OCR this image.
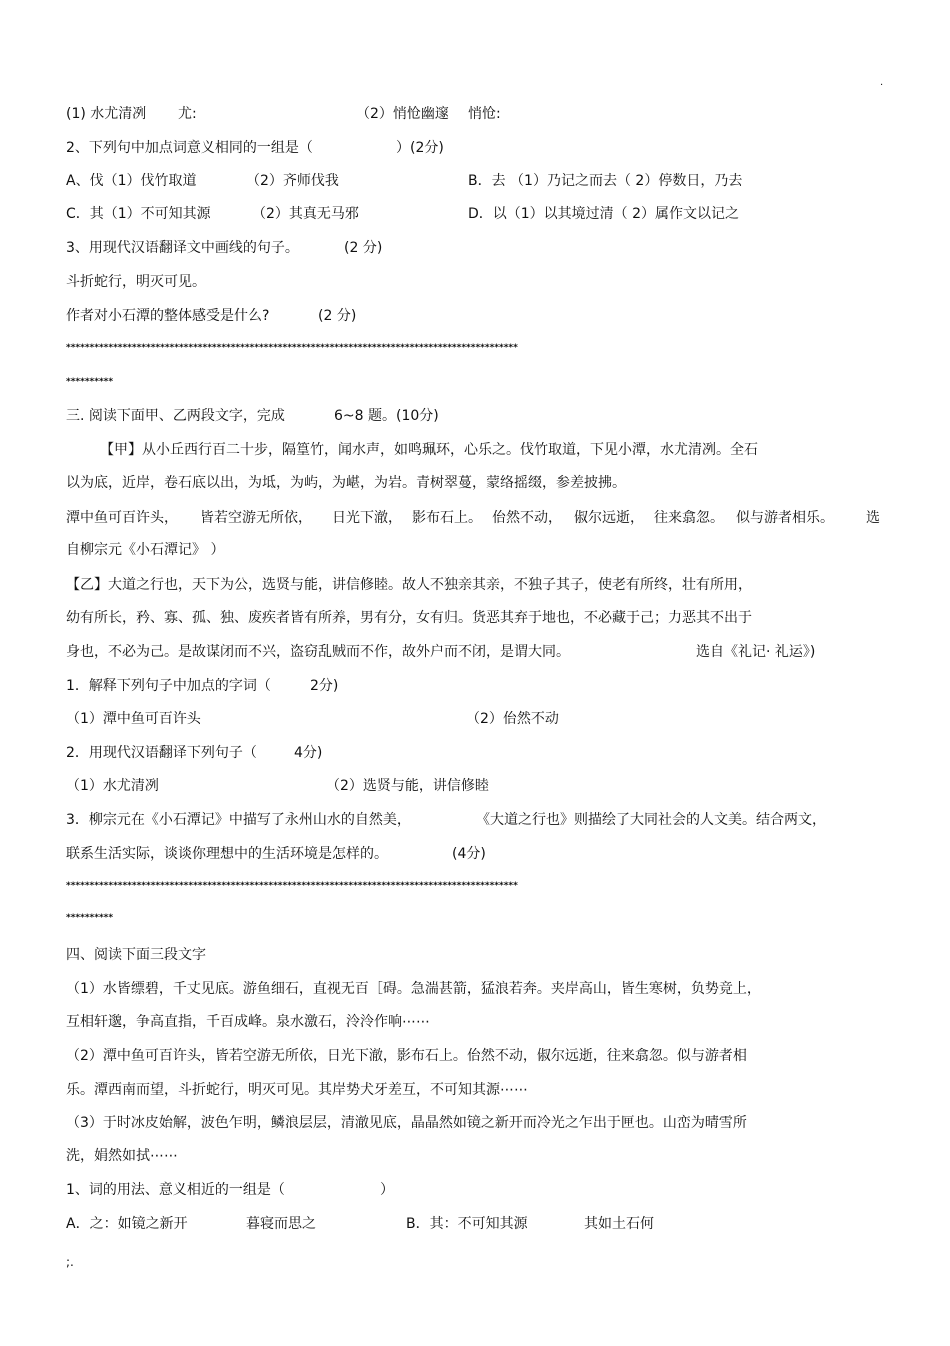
·
(1) 水尤清冽 尤:	（2）悄怆幽邃 悄怆:
2、下列句中加点词意义相同的一组是（	）(2分)
A、伐（1）伐竹取道	（2）齐师伐我	B．去 （1）乃记之而去（ 2）停数日，乃去
C．其（1）不可知其源	（2）其真无马邪	D．以（1）以其境过清（ 2）属作文以记之
3、用现代汉语翻译文中画线的句子。	(2 分)
斗折蛇行，明灭可见。
作者对小石潭的整体感受是什么?	(2 分)
************************************************************************************************
**********
三. 阅读下面甲、乙两段文字，完成	6~8 题。(10分)
【甲】从小丘西行百二十步，隔篁竹，闻水声，如鸣珮环，心乐之。伐竹取道，下见小潭，水尤清冽。全石
以为底，近岸，卷石底以出，为坻，为屿，为嵁，为岩。青树翠蔓，蒙络摇缀，参差披拂。
潭中鱼可百许头， 皆若空游无所依， 日光下澈， 影布石上。 佁然不动， 俶尔远逝， 往来翕忽。 似与游者相乐。 选
自柳宗元《小石潭记》 ）
【乙】大道之行也，天下为公，选贤与能，讲信修睦。故人不独亲其亲，不独子其子，使老有所终，壮有所用，
幼有所长，矜、寡、孤、独、废疾者皆有所养，男有分，女有归。货恶其弃于地也，不必藏于己；力恶其不出于
身也，不必为己。是故谋闭而不兴，盗窃乱贼而不作，故外户而不闭，是谓大同。	选自《礼记· 礼运》)
1．解释下列句子中加点的字词（	2分)
（1）潭中鱼可百许头	（2）佁然不动
2．用现代汉语翻译下列句子（	4分)
（1）水尤清冽	（2）选贤与能，讲信修睦
3．柳宗元在《小石潭记》中描写了永州山水的自然美，	《大道之行也》则描绘了大同社会的人文美。结合两文，
联系生活实际，谈谈你理想中的生活环境是怎样的。	(4分)
************************************************************************************************
**********
四、阅读下面三段文字
（1）水皆缥碧，千丈见底。游鱼细石，直视无百［碍。急湍甚箭，猛浪若奔。夹岸高山，皆生寒树，负势竞上，
互相轩邈，争高直指，千百成峰。泉水激石，泠泠作响⋯⋯
（2）潭中鱼可百许头，皆若空游无所依，日光下澈，影布石上。佁然不动，俶尔远逝，往来翕忽。似与游者相
乐。潭西南而望，斗折蛇行，明灭可见。其岸势犬牙差互，不可知其源⋯⋯
（3）于时冰皮始解，波色乍明，鳞浪层层，清澈见底，晶晶然如镜之新开而冷光之乍出于匣也。山峦为晴雪所
洗，娟然如拭⋯⋯
1、词的用法、意义相近的一组是（	）
A．之：如镜之新开	暮寝而思之	B．其：不可知其源	其如土石何
;.
